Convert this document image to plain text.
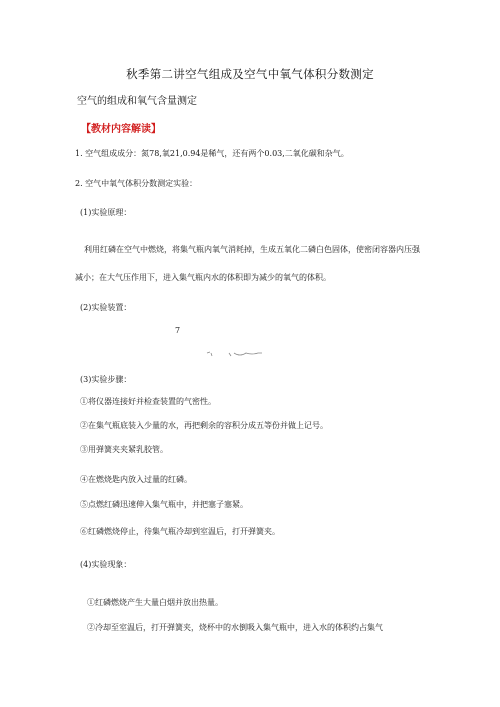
秋季第二讲空气组成及空气中氧气体积分数测定
空气的组成和氧气含量测定
【教材内容解读】
1. 空气组成成分：氮78,氧21,0.94是稀气，还有两个0.03,二氧化碳和杂气。
2. 空气中氧气体积分数测定实验：
(1)实验原理：
利用红磷在空气中燃烧，将集气瓶内氧气消耗掉，生成五氧化二磷白色固体，使密闭容器内压强
减小；在大气压作用下，进入集气瓶内水的体积即为减少的氧气的体积。
(2)实验装置：
7
(3)实验步骤：
①将仪器连接好并检查装置的气密性。
②在集气瓶底装入少量的水，再把剩余的容积分成五等份并做上记号。
③用弹簧夹夹紧乳胶管。
④在燃烧匙内放入过量的红磷。
⑤点燃红磷迅速伸入集气瓶中，并把塞子塞紧。
⑥红磷燃烧停止，待集气瓶冷却到室温后，打开弹簧夹。
(4)实验现象：
①红磷燃烧产生大量白烟并放出热量。
②冷却至室温后，打开弹簧夹，烧杯中的水倒吸入集气瓶中，进入水的体积约占集气
